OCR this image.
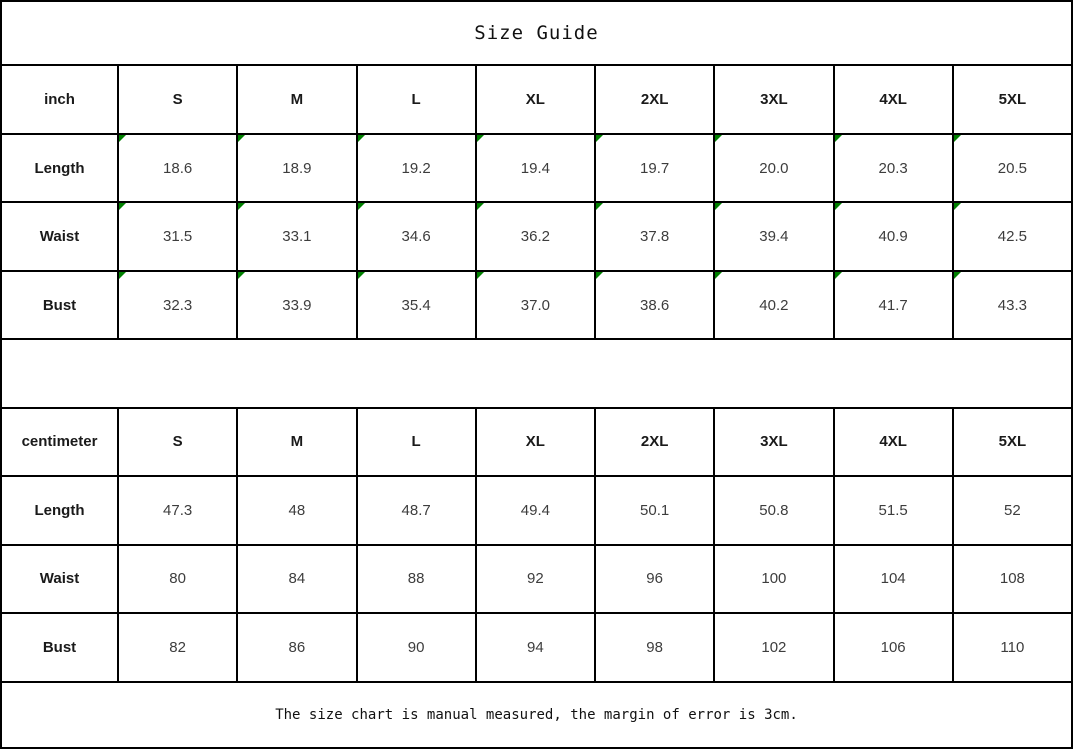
Size Guide								
inch	S	M	L	XL	2XL	3XL	4XL	5XL
Length	18.6	18.9	19.2	19.4	19.7	20.0	20.3	20.5
Waist	31.5	33.1	34.6	36.2	37.8	39.4	40.9	42.5
Bust	32.3	33.9	35.4	37.0	38.6	40.2	41.7	43.3

centimeter	S	M	L	XL	2XL	3XL	4XL	5XL
Length	47.3	48	48.7	49.4	50.1	50.8	51.5	52
Waist	80	84	88	92	96	100	104	108
Bust	82	86	90	94	98	102	106	110
The size chart is manual measured, the margin of error is 3cm.								
